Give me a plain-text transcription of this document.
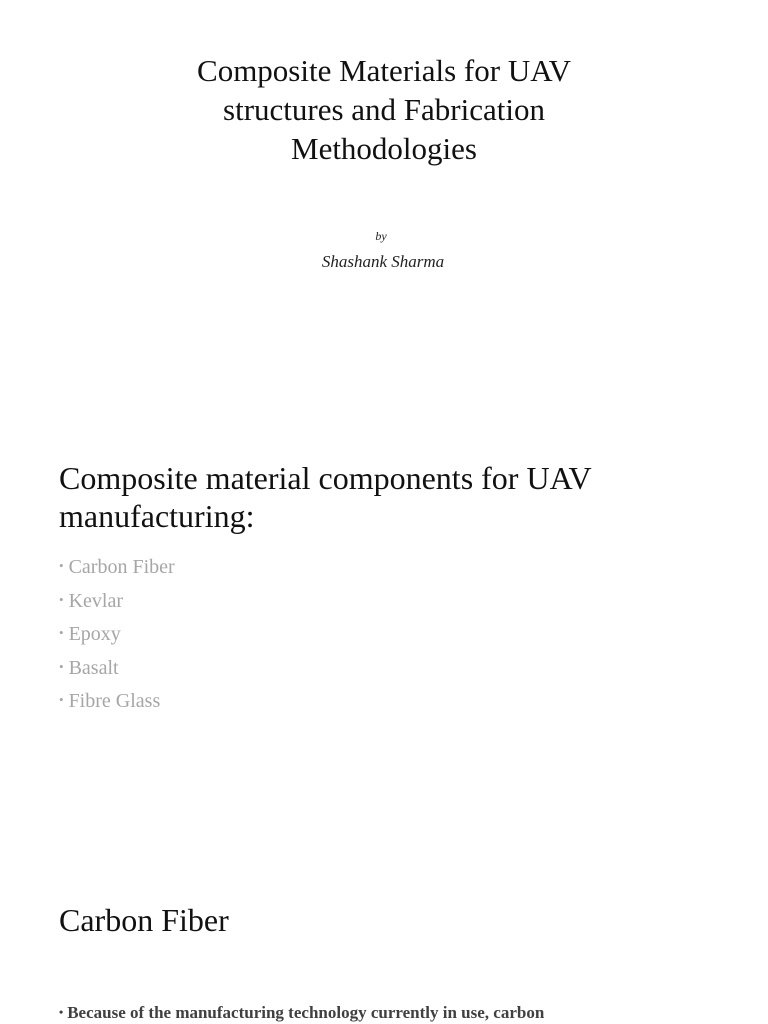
Composite Materials for UAV
structures and Fabrication
Methodologies
by
Shashank Sharma
Composite material components for UAV manufacturing:
• Carbon Fiber
• Kevlar
• Epoxy
• Basalt
• Fibre Glass
Carbon Fiber
• Because of the manufacturing technology currently in use, carbon
